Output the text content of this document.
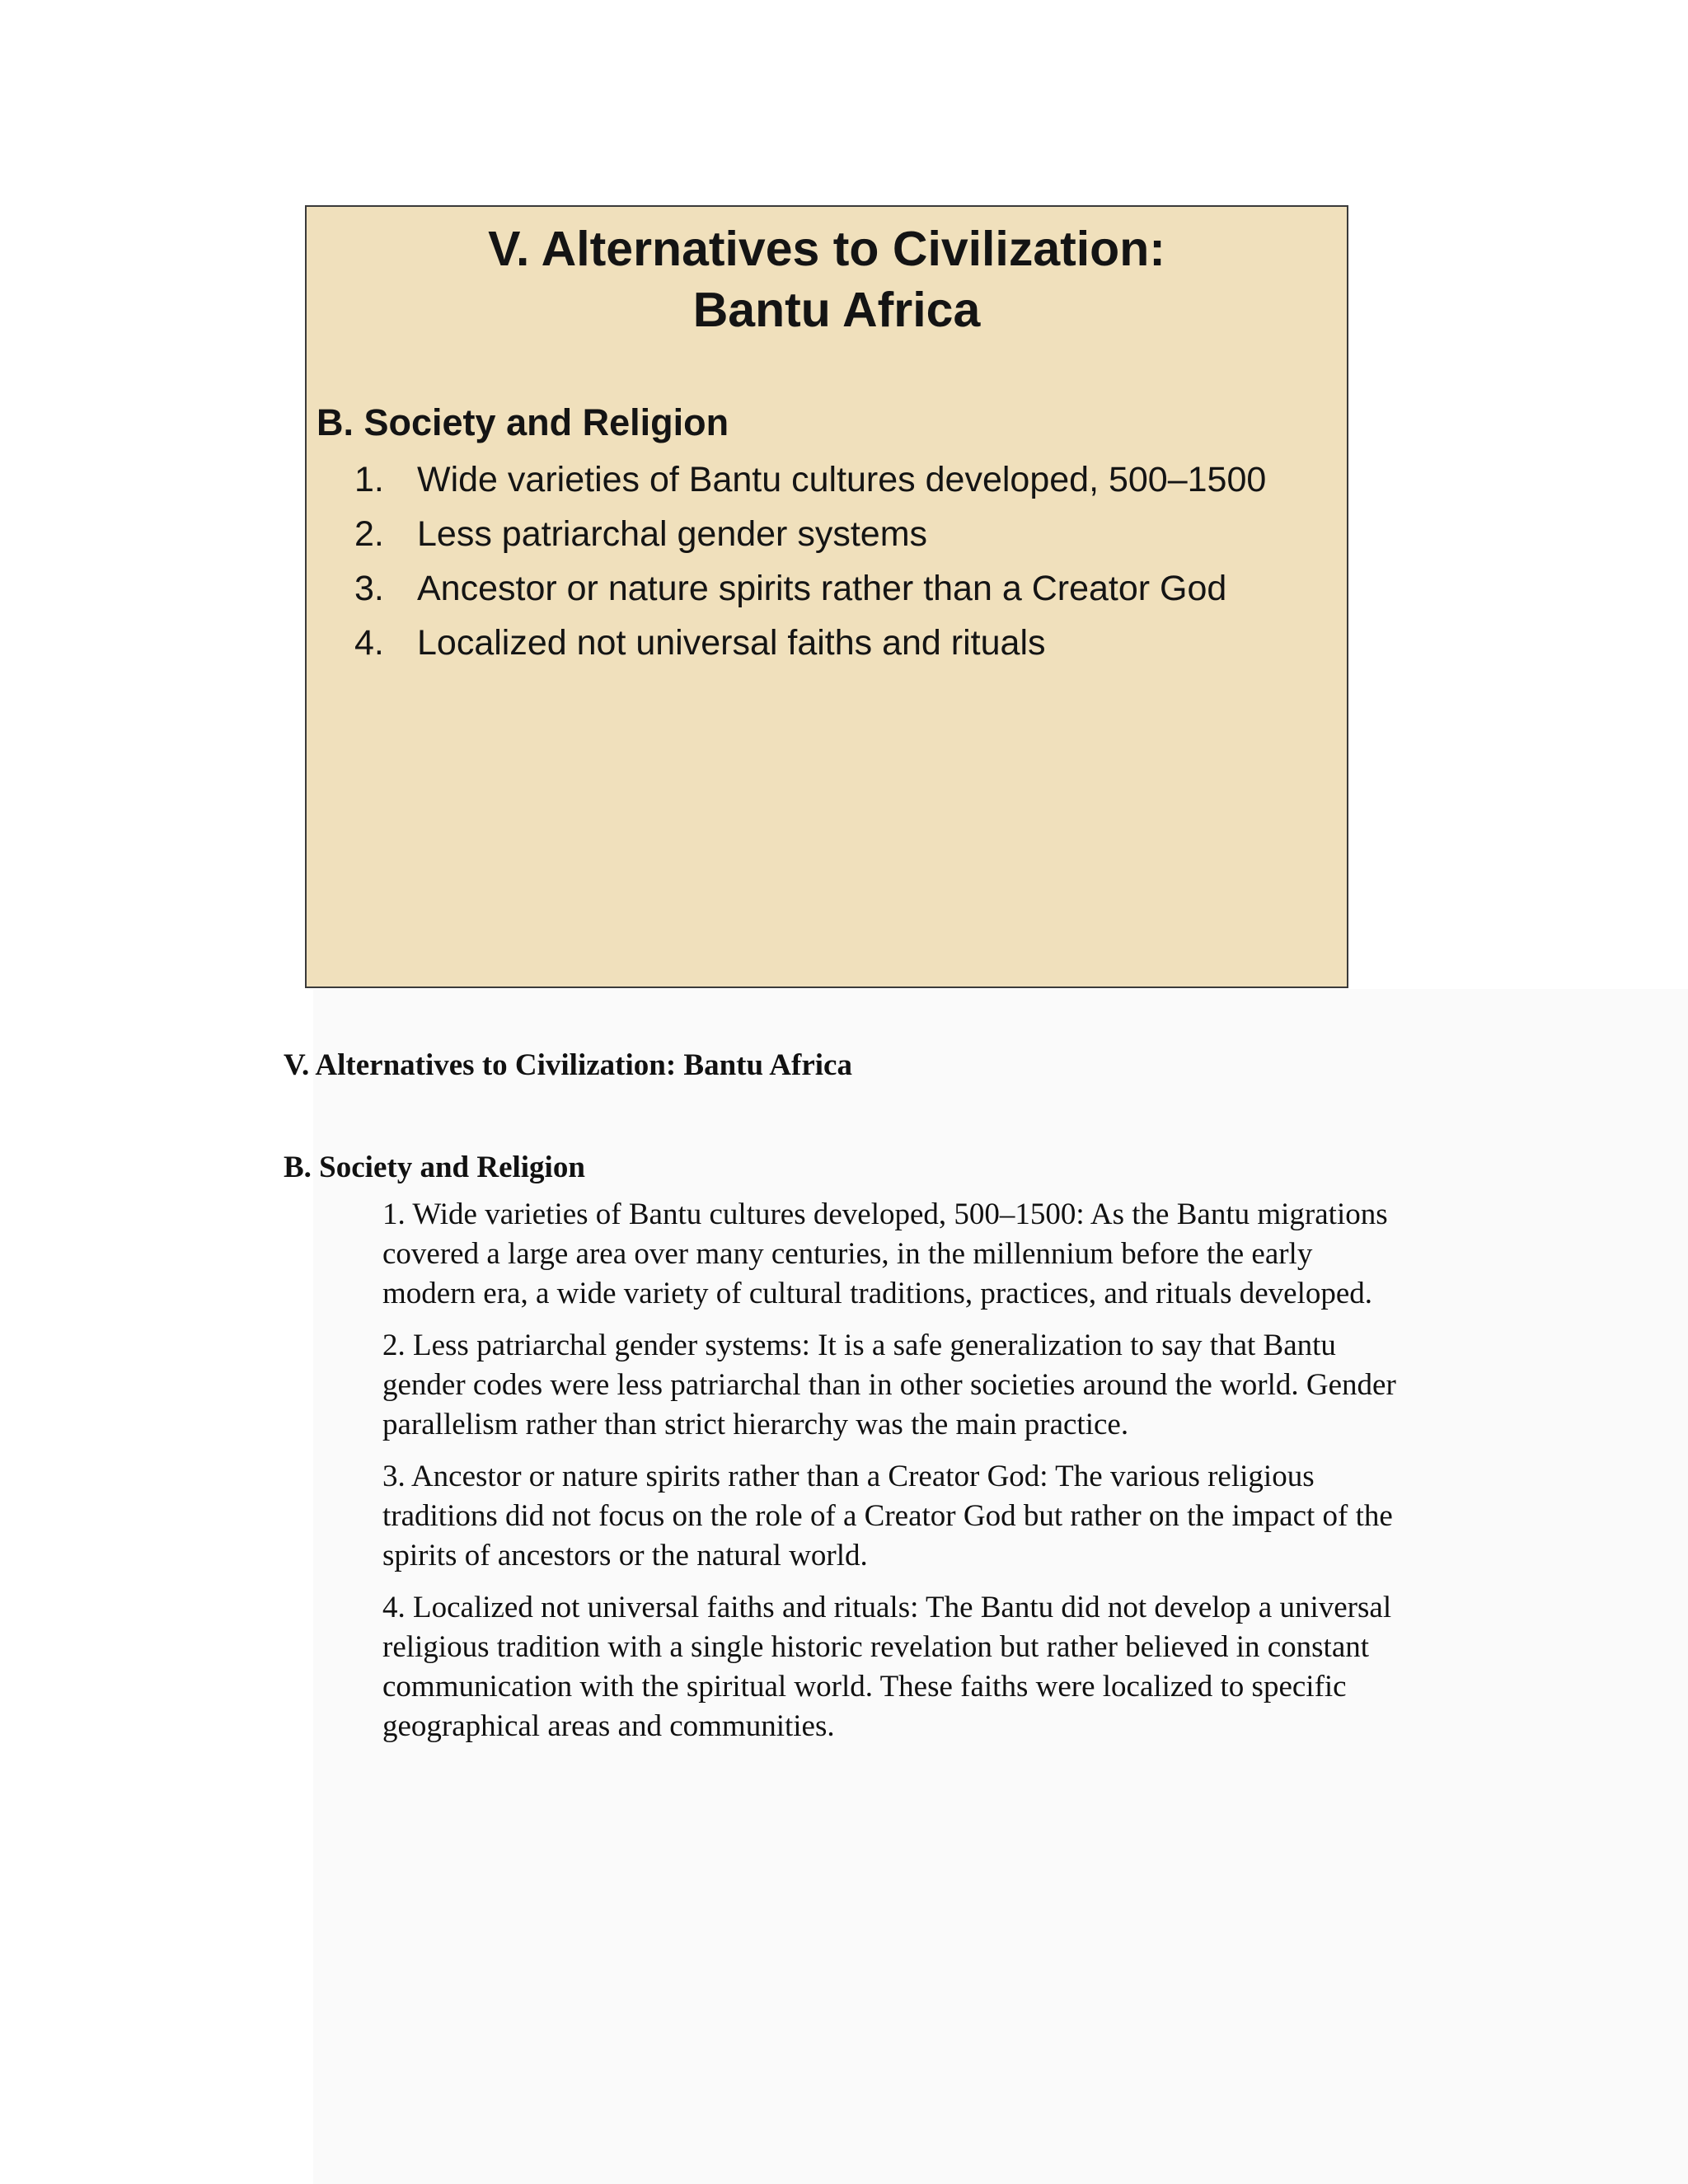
V. Alternatives to Civilization:
Bantu Africa
B. Society and Religion
1. Wide varieties of Bantu cultures developed, 500–1500
2. Less patriarchal gender systems
3. Ancestor or nature spirits rather than a Creator God
4. Localized not universal faiths and rituals

V. Alternatives to Civilization: Bantu Africa

B. Society and Religion

1. Wide varieties of Bantu cultures developed, 500–1500: As the Bantu migrations covered a large area over many centuries, in the millennium before the early modern era, a wide variety of cultural traditions, practices, and rituals developed.
2. Less patriarchal gender systems: It is a safe generalization to say that Bantu gender codes were less patriarchal than in other societies around the world. Gender parallelism rather than strict hierarchy was the main practice.
3. Ancestor or nature spirits rather than a Creator God: The various religious traditions did not focus on the role of a Creator God but rather on the impact of the spirits of ancestors or the natural world.
4. Localized not universal faiths and rituals: The Bantu did not develop a universal religious tradition with a single historic revelation but rather believed in constant communication with the spiritual world. These faiths were localized to specific geographical areas and communities.
